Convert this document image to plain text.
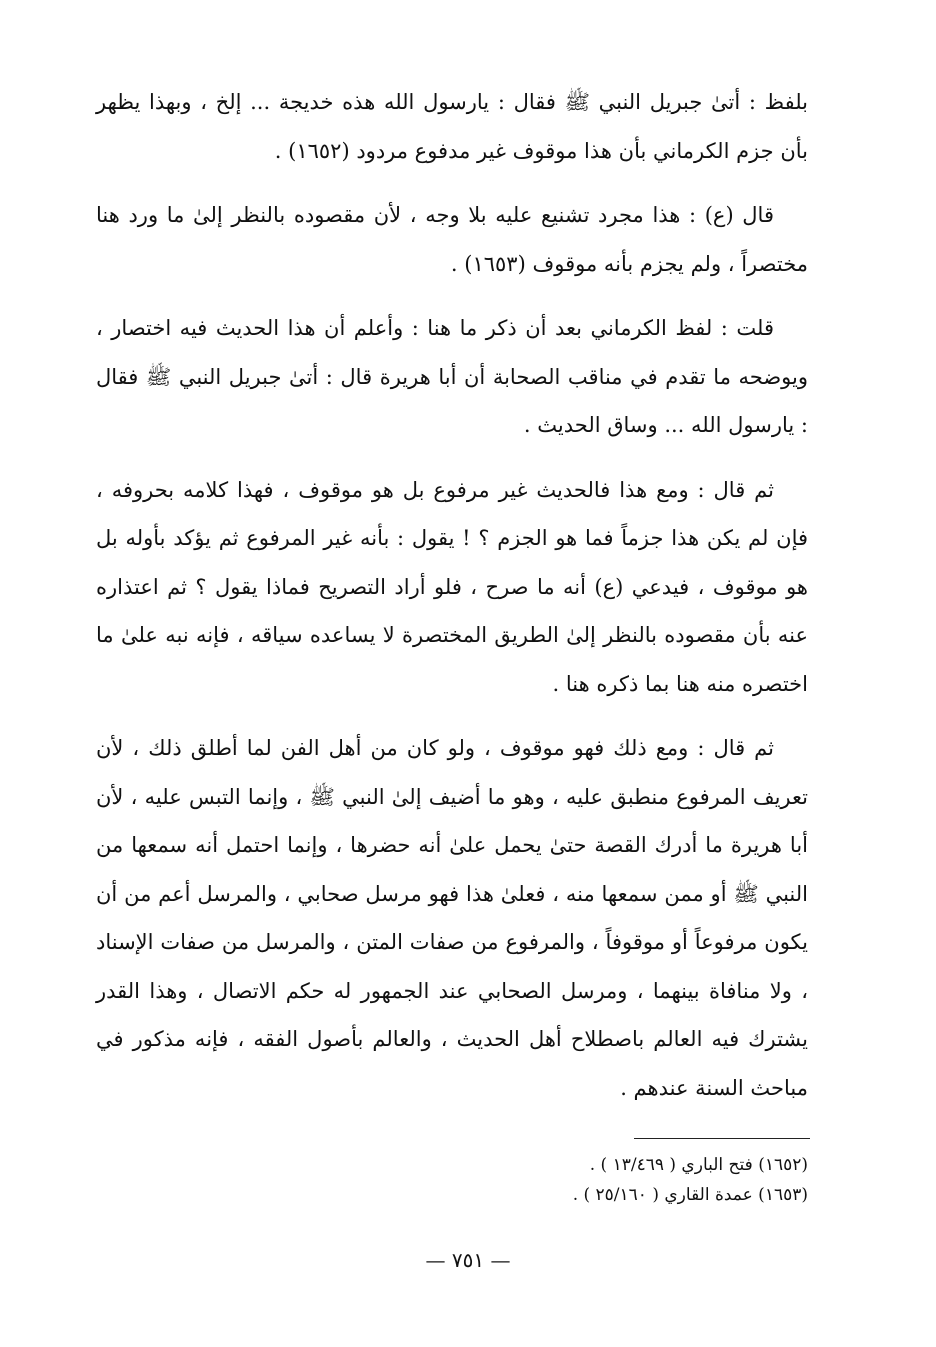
بلفظ : أتىٰ جبريل النبي ﷺ فقال : يارسول الله هذه خديجة ... إلخ ، وبهذا يظهر بأن جزم الكرماني بأن هذا موقوف غير مدفوع مردود (١٦٥٢) .

قال (ع) : هذا مجرد تشنيع عليه بلا وجه ، لأن مقصوده بالنظر إلىٰ ما ورد هنا مختصراً ، ولم يجزم بأنه موقوف (١٦٥٣) .

قلت : لفظ الكرماني بعد أن ذكر ما هنا : وأعلم أن هذا الحديث فيه اختصار ، ويوضحه ما تقدم في مناقب الصحابة أن أبا هريرة قال : أتىٰ جبريل النبي ﷺ فقال : يارسول الله ... وساق الحديث .

ثم قال : ومع هذا فالحديث غير مرفوع بل هو موقوف ، فهذا كلامه بحروفه ، فإن لم يكن هذا جزماً فما هو الجزم ؟ ! يقول : بأنه غير المرفوع ثم يؤكد بأوله بل هو موقوف ، فيدعي (ع) أنه ما صرح ، فلو أراد التصريح فماذا يقول ؟ ثم اعتذاره عنه بأن مقصوده بالنظر إلىٰ الطريق المختصرة لا يساعده سياقه ، فإنه نبه علىٰ ما اختصره منه هنا بما ذكره هنا .

ثم قال : ومع ذلك فهو موقوف ، ولو كان من أهل الفن لما أطلق ذلك ، لأن تعريف المرفوع منطبق عليه ، وهو ما أضيف إلىٰ النبي ﷺ ، وإنما التبس عليه ، لأن أبا هريرة ما أدرك القصة حتىٰ يحمل علىٰ أنه حضرها ، وإنما احتمل أنه سمعها من النبي ﷺ أو ممن سمعها منه ، فعلىٰ هذا فهو مرسل صحابي ، والمرسل أعم من أن يكون مرفوعاً أو موقوفاً ، والمرفوع من صفات المتن ، والمرسل من صفات الإسناد ، ولا منافاة بينهما ، ومرسل الصحابي عند الجمهور له حكم الاتصال ، وهذا القدر يشترك فيه العالم باصطلاح أهل الحديث ، والعالم بأصول الفقه ، فإنه مذكور في مباحث السنة عندهم .

(١٦٥٢) فتح الباري ( ١٣/٤٦٩ ) .

(١٦٥٣) عمدة القاري ( ٢٥/١٦٠ ) .

— ٧٥١ —
